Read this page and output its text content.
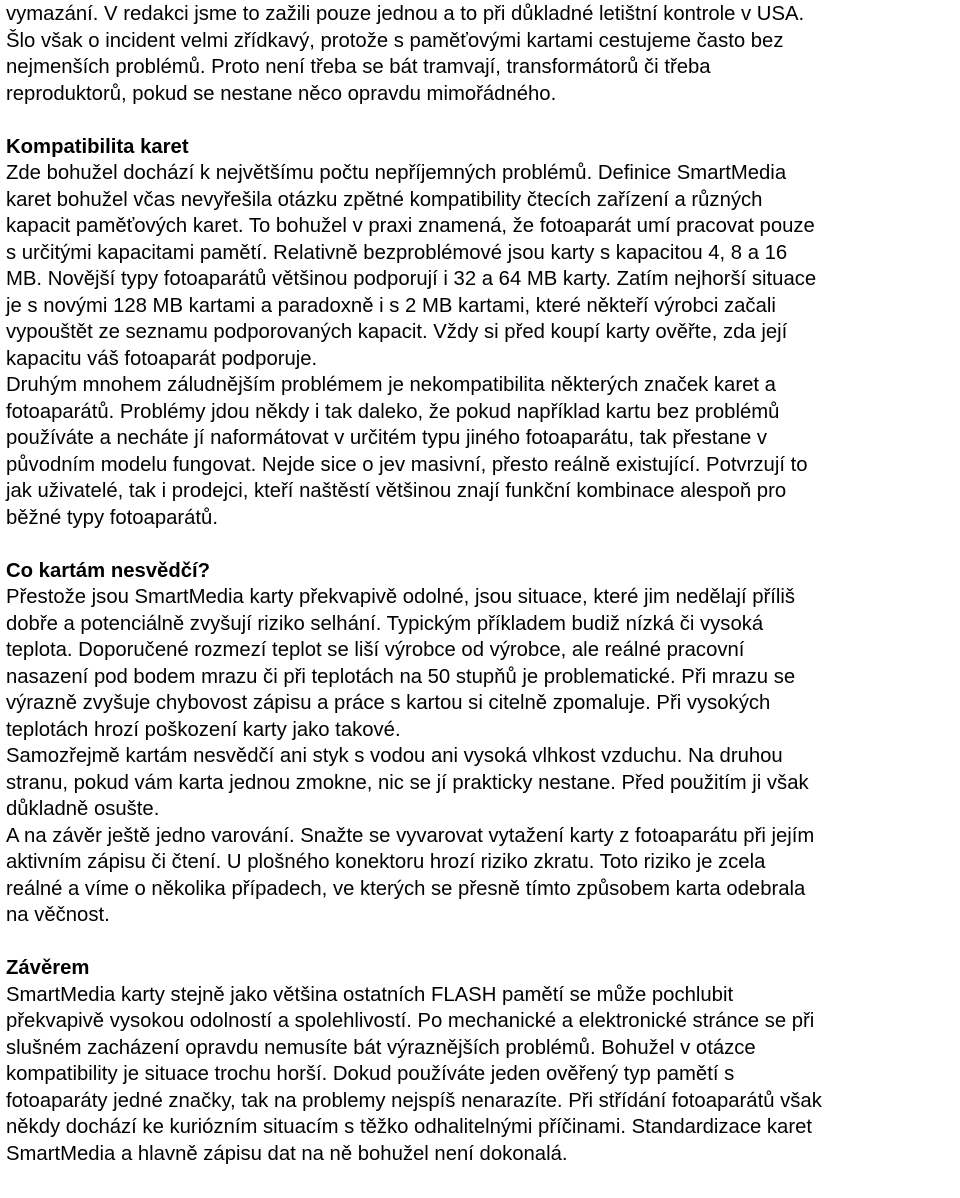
vymazání. V redakci jsme to zažili pouze jednou a to při důkladné letištní kontrole v USA.
Šlo však o incident velmi zřídkavý, protože s paměťovými kartami cestujeme často bez
nejmenších problémů. Proto není třeba se bát tramvají, transformátorů či třeba
reproduktorů, pokud se nestane něco opravdu mimořádného.
Kompatibilita karet
Zde bohužel dochází k největšímu počtu nepříjemných problémů. Definice SmartMedia
karet bohužel včas nevyřešila otázku zpětné kompatibility čtecích zařízení a různých
kapacit paměťových karet. To bohužel v praxi znamená, že fotoaparát umí pracovat pouze
s určitými kapacitami pamětí. Relativně bezproblémové jsou karty s kapacitou 4, 8 a 16
MB. Novější typy fotoaparátů většinou podporují i 32 a 64 MB karty. Zatím nejhorší situace
je s novými 128 MB kartami a paradoxně i s 2 MB kartami, které někteří výrobci začali
vypouštět ze seznamu podporovaných kapacit. Vždy si před koupí karty ověřte, zda její
kapacitu váš fotoaparát podporuje.
Druhým mnohem záludnějším problémem je nekompatibilita některých značek karet a
fotoaparátů. Problémy jdou někdy i tak daleko, že pokud například kartu bez problémů
používáte a necháte jí naformátovat v určitém typu jiného fotoaparátu, tak přestane v
původním modelu fungovat. Nejde sice o jev masivní, přesto reálně existující. Potvrzují to
jak uživatelé, tak i prodejci, kteří naštěstí většinou znají funkční kombinace alespoň pro
běžné typy fotoaparátů.
Co kartám nesvědčí?
Přestože jsou SmartMedia karty překvapivě odolné, jsou situace, které jim nedělají příliš
dobře a potenciálně zvyšují riziko selhání. Typickým příkladem budiž nízká či vysoká
teplota. Doporučené rozmezí teplot se liší výrobce od výrobce, ale reálné pracovní
nasazení pod bodem mrazu či při teplotách na 50 stupňů je problematické. Při mrazu se
výrazně zvyšuje chybovost zápisu a práce s kartou si citelně zpomaluje. Při vysokých
teplotách hrozí poškození karty jako takové.
Samozřejmě kartám nesvědčí ani styk s vodou ani vysoká vlhkost vzduchu. Na druhou
stranu, pokud vám karta jednou zmokne, nic se jí prakticky nestane. Před použitím ji však
důkladně osušte.
A na závěr ještě jedno varování. Snažte se vyvarovat vytažení karty z fotoaparátu při jejím
aktivním zápisu či čtení. U plošného konektoru hrozí riziko zkratu. Toto riziko je zcela
reálné a víme o několika případech, ve kterých se přesně tímto způsobem karta odebrala
na věčnost.
Závěrem
SmartMedia karty stejně jako většina ostatních FLASH pamětí se může pochlubit
překvapivě vysokou odolností a spolehlivostí. Po mechanické a elektronické stránce se při
slušném zacházení opravdu nemusíte bát výraznějších problémů. Bohužel v otázce
kompatibility je situace trochu horší. Dokud používáte jeden ověřený typ pamětí s
fotoaparáty jedné značky, tak na problemy nejspíš nenarazíte. Při střídání fotoaparátů však
někdy dochází ke kuriózním situacím s těžko odhalitelnými příčinami. Standardizace karet
SmartMedia a hlavně zápisu dat na ně bohužel není dokonalá.
